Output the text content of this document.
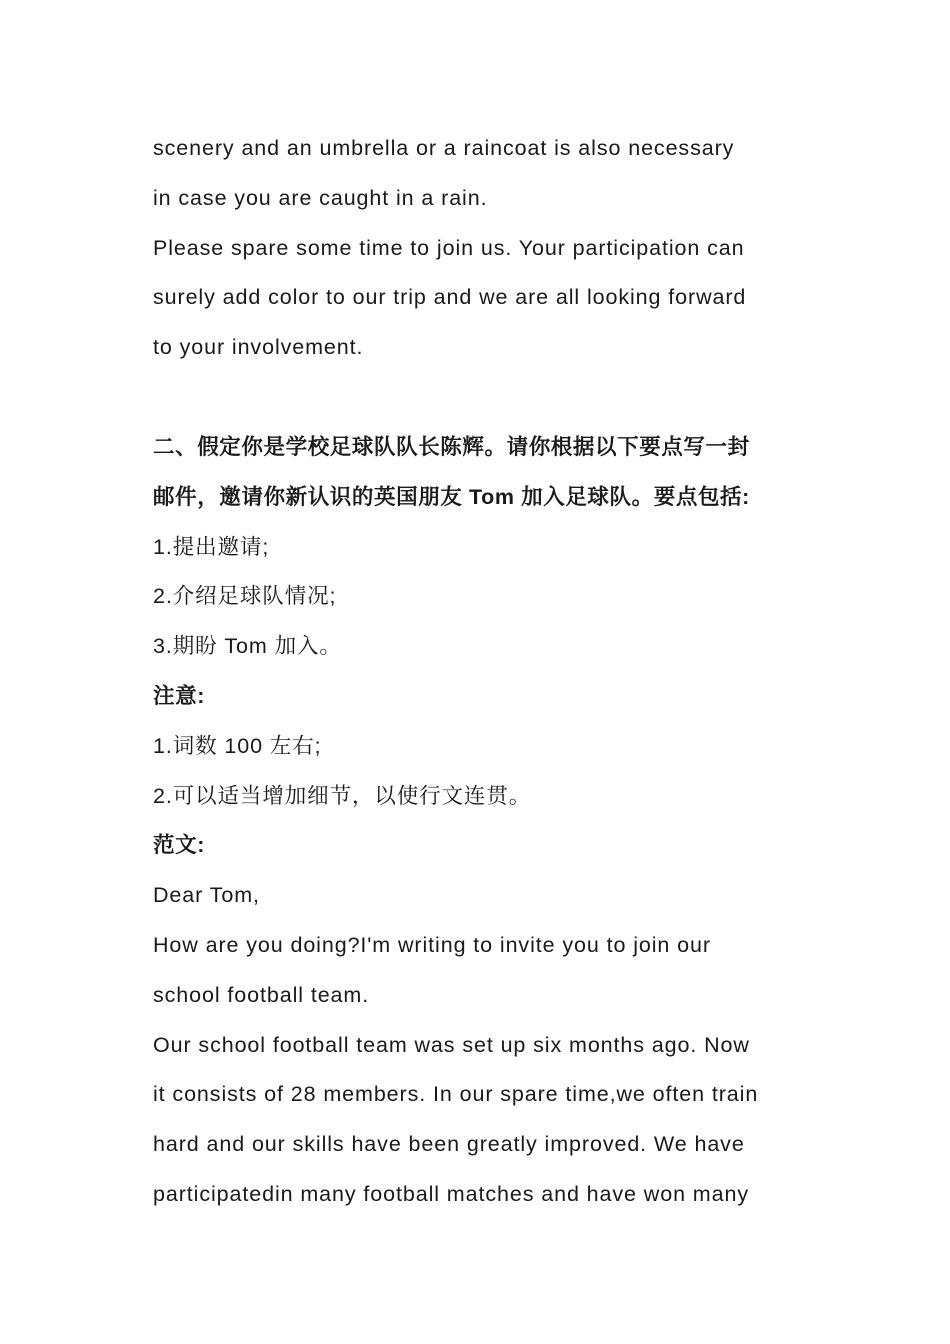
scenery and an umbrella or a raincoat is also necessary
in case you are caught in a rain.
Please spare some time to join us. Your participation can
surely add color to our trip and we are all looking forward
to your involvement.
二、假定你是学校足球队队长陈辉。请你根据以下要点写一封
邮件，邀请你新认识的英国朋友 Tom 加入足球队。要点包括:
1.提出邀请;
2.介绍足球队情况;
3.期盼 Tom 加入。
注意:
1.词数 100 左右;
2.可以适当增加细节，以使行文连贯。
范文:
Dear Tom,
How are you doing?I'm writing to invite you to join our
school football team.
Our school football team was set up six months ago. Now
it consists of 28 members. In our spare time,we often train
hard and our skills have been greatly improved. We have
participatedin many football matches and have won many
